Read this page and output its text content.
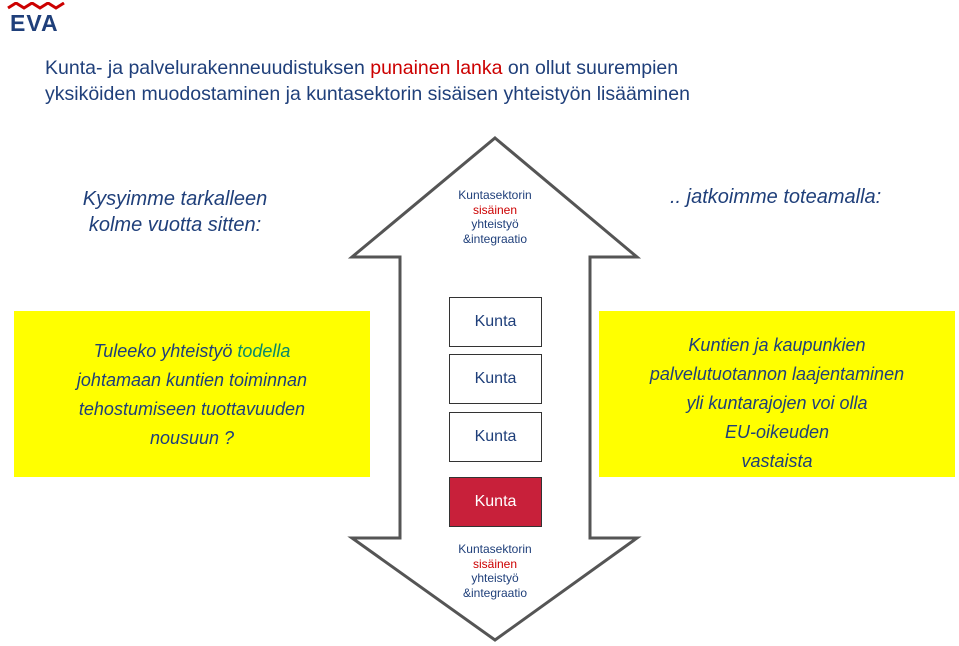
EVA
Kunta- ja palvelurakenneuudistuksen punainen lanka on ollut suurempien
yksiköiden muodostaminen ja kuntasektorin sisäisen yhteistyön lisääminen
Kysyimme tarkalleen
kolme vuotta sitten:
.. jatkoimme toteamalla:
Tuleeko yhteistyö todella
johtamaan kuntien toiminnan
tehostumiseen tuottavuuden
nousuun ?
Kuntien ja kaupunkien
palvelutuotannon laajentaminen
yli kuntarajojen voi olla
EU-oikeuden
vastaista
Kuntasektorin
sisäinen
yhteistyö
&integraatio
Kuntasektorin
sisäinen
yhteistyö
&integraatio
Kunta
Kunta
Kunta
Kunta
